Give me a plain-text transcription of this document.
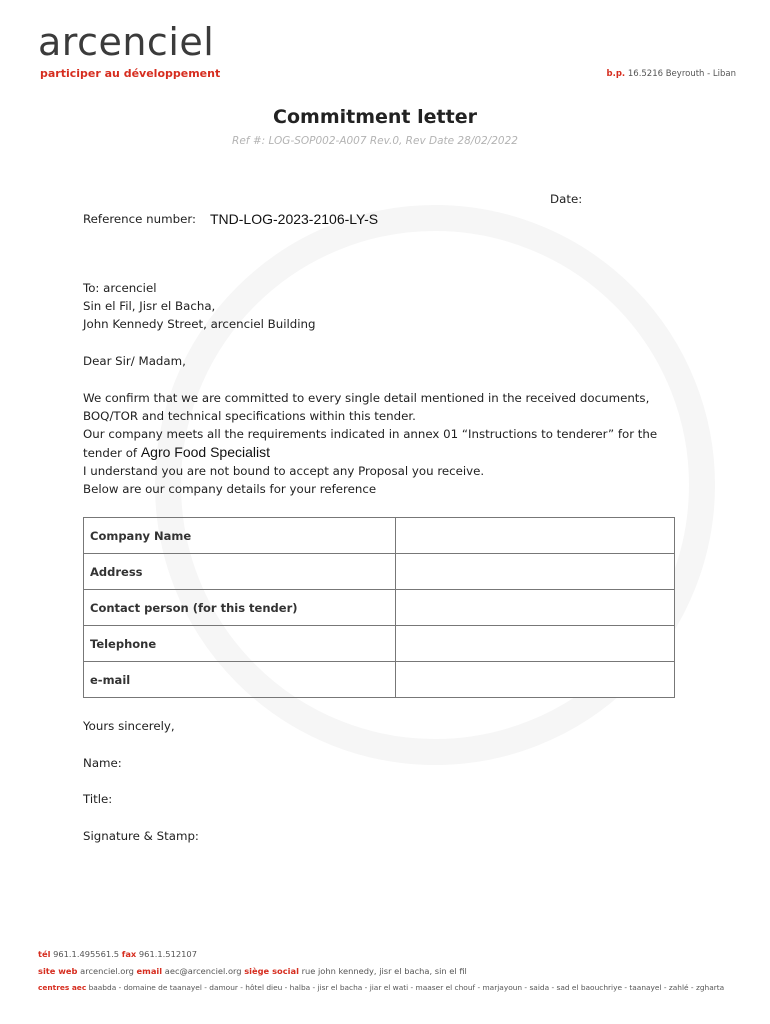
arcenciel
participer au développement	b.p. 16.5216 Beyrouth - Liban
Commitment letter
Ref #: LOG-SOP002-A007 Rev.0, Rev Date 28/02/2022
Date:
Reference number: TND-LOG-2023-2106-LY-S
To: arcenciel
Sin el Fil, Jisr el Bacha,
John Kennedy Street, arcenciel Building
Dear Sir/ Madam,
We confirm that we are committed to every single detail mentioned in the received documents,
BOQ/TOR and technical specifications within this tender.
Our company meets all the requirements indicated in annex 01 “Instructions to tenderer” for the
tender of Agro Food Specialist
I understand you are not bound to accept any Proposal you receive.
Below are our company details for your reference
Company Name	
Address	
Contact person (for this tender)	
Telephone	
e-mail	
Yours sincerely,
Name:
Title:
Signature & Stamp:
tél 961.1.495561.5 fax 961.1.512107
site web arcenciel.org email aec@arcenciel.org siège social rue john kennedy, jisr el bacha, sin el fil
centres aec baabda - domaine de taanayel - damour - hôtel dieu - halba - jisr el bacha - jiar el wati - maaser el chouf - marjayoun - saida - sad el baouchriye - taanayel - zahlé - zgharta
